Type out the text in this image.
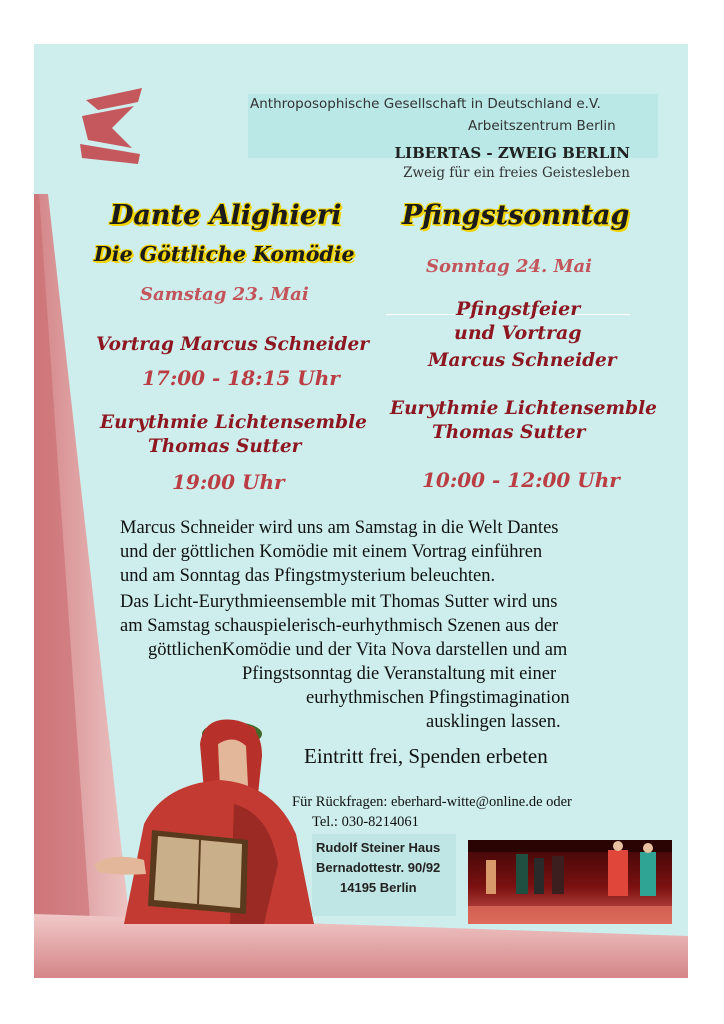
Anthroposophische Gesellschaft in Deutschland e.V.
Arbeitszentrum Berlin
LIBERTAS - ZWEIG BERLIN
Zweig für ein freies Geistesleben
Dante Alighieri
Die Göttliche Komödie
Samstag 23. Mai
Vortrag Marcus Schneider
17:00 - 18:15 Uhr
Eurythmie Lichtensemble
Thomas Sutter
19:00 Uhr
Pfingstsonntag
Sonntag 24. Mai
Pfingstfeier
und Vortrag
Marcus Schneider
Eurythmie Lichtensemble
Thomas Sutter
10:00 - 12:00 Uhr
Marcus Schneider wird uns am Samstag in die Welt Dantes
und der göttlichen Komödie mit einem Vortrag einführen
und am Sonntag das Pfingstmysterium beleuchten.
Das Licht-Eurythmieensemble mit Thomas Sutter wird uns
am Samstag schauspielerisch-eurhythmisch Szenen aus der
göttlichenKomödie und der Vita Nova darstellen und am
Pfingstsonntag die Veranstaltung mit einer
eurhythmischen Pfingstimagination
ausklingen lassen.
Eintritt frei, Spenden erbeten
Für Rückfragen: eberhard-witte@online.de oder
Tel.: 030-8214061
Rudolf Steiner Haus
Bernadottestr. 90/92
14195 Berlin
